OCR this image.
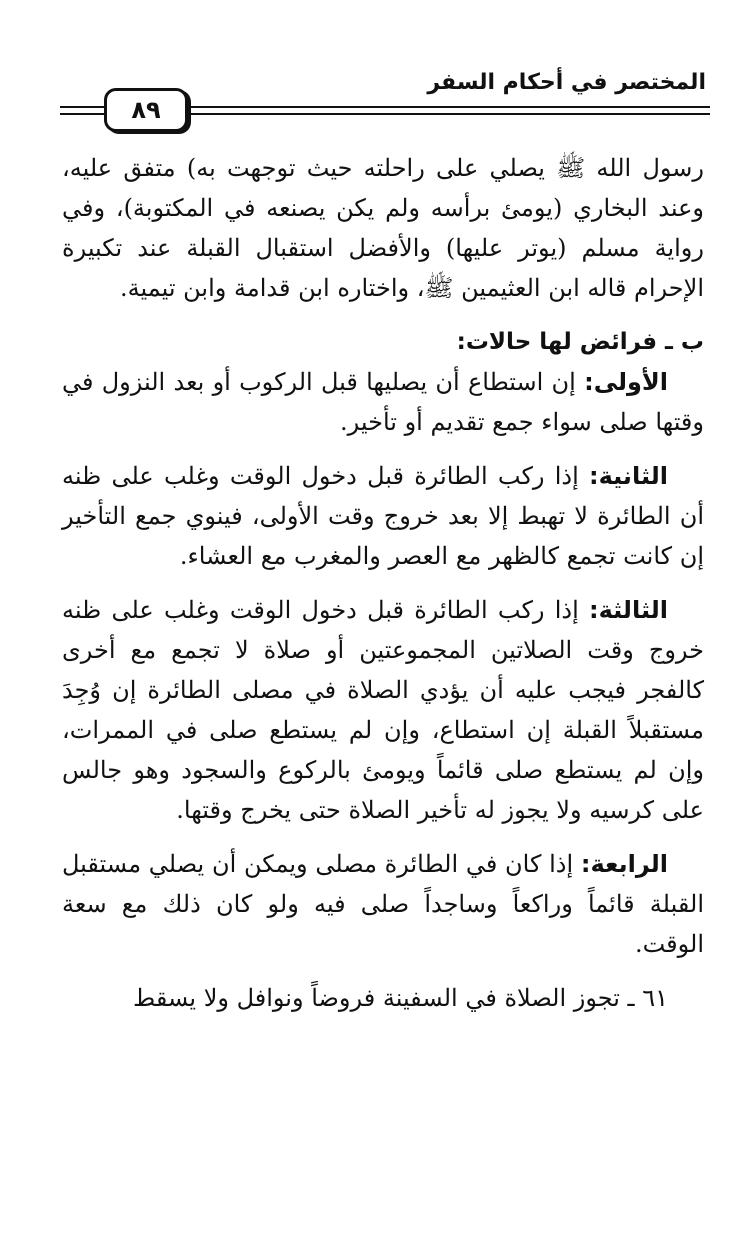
المختصر في أحكام السفر
٨٩

رسول الله ﷺ يصلي على راحلته حيث توجهت به) متفق عليه، وعند البخاري (يومئ برأسه ولم يكن يصنعه في المكتوبة)، وفي رواية مسلم (يوتر عليها) والأفضل استقبال القبلة عند تكبيرة الإحرام قاله ابن العثيمين ﷺ، واختاره ابن قدامة وابن تيمية.

ب ـ فرائض لها حالات:

الأولى: إن استطاع أن يصليها قبل الركوب أو بعد النزول في وقتها صلى سواء جمع تقديم أو تأخير.

الثانية: إذا ركب الطائرة قبل دخول الوقت وغلب على ظنه أن الطائرة لا تهبط إلا بعد خروج وقت الأولى، فينوي جمع التأخير إن كانت تجمع كالظهر مع العصر والمغرب مع العشاء.

الثالثة: إذا ركب الطائرة قبل دخول الوقت وغلب على ظنه خروج وقت الصلاتين المجموعتين أو صلاة لا تجمع مع أخرى كالفجر فيجب عليه أن يؤدي الصلاة في مصلى الطائرة إن وُجِدَ مستقبلاً القبلة إن استطاع، وإن لم يستطع صلى في الممرات، وإن لم يستطع صلى قائماً ويومئ بالركوع والسجود وهو جالس على كرسيه ولا يجوز له تأخير الصلاة حتى يخرج وقتها.

الرابعة: إذا كان في الطائرة مصلى ويمكن أن يصلي مستقبل القبلة قائماً وراكعاً وساجداً صلى فيه ولو كان ذلك مع سعة الوقت.

٦١ ـ تجوز الصلاة في السفينة فروضاً ونوافل ولا يسقط
